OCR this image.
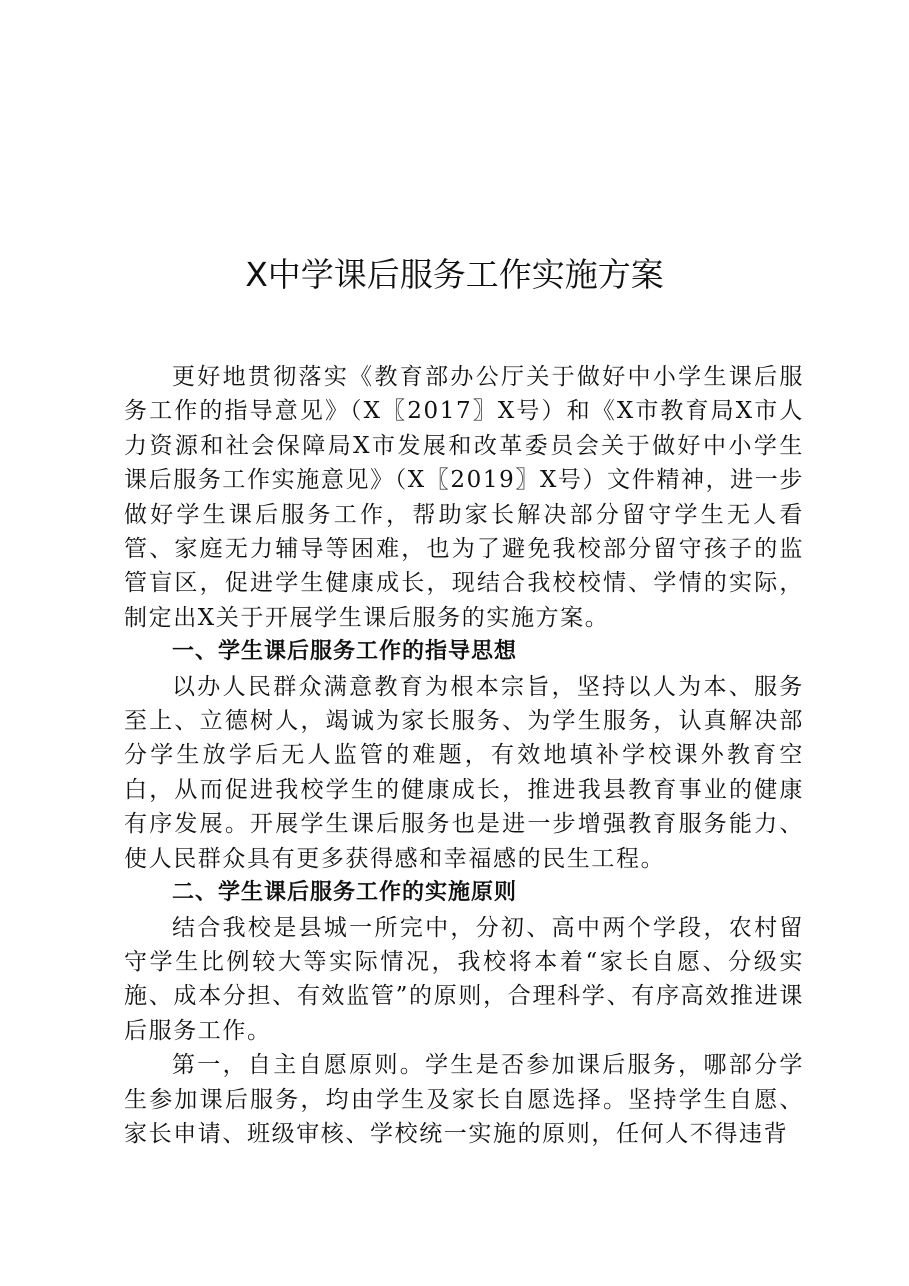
X中学课后服务工作实施方案

更好地贯彻落实《教育部办公厅关于做好中小学生课后服务工作的指导意见》（X〖2017〗X号）和《X市教育局X市人力资源和社会保障局X市发展和改革委员会关于做好中小学生课后服务工作实施意见》（X〖2019〗X号）文件精神，进一步做好学生课后服务工作，帮助家长解决部分留守学生无人看管、家庭无力辅导等困难，也为了避免我校部分留守孩子的监管盲区，促进学生健康成长，现结合我校校情、学情的实际，制定出X关于开展学生课后服务的实施方案。

一、学生课后服务工作的指导思想

以办人民群众满意教育为根本宗旨，坚持以人为本、服务至上、立德树人，竭诚为家长服务、为学生服务，认真解决部分学生放学后无人监管的难题，有效地填补学校课外教育空白，从而促进我校学生的健康成长，推进我县教育事业的健康有序发展。开展学生课后服务也是进一步增强教育服务能力、使人民群众具有更多获得感和幸福感的民生工程。

二、学生课后服务工作的实施原则

结合我校是县城一所完中，分初、高中两个学段，农村留守学生比例较大等实际情况，我校将本着“家长自愿、分级实施、成本分担、有效监管”的原则，合理科学、有序高效推进课后服务工作。

第一，自主自愿原则。学生是否参加课后服务，哪部分学生参加课后服务，均由学生及家长自愿选择。坚持学生自愿、家长申请、班级审核、学校统一实施的原则，任何人不得违背
